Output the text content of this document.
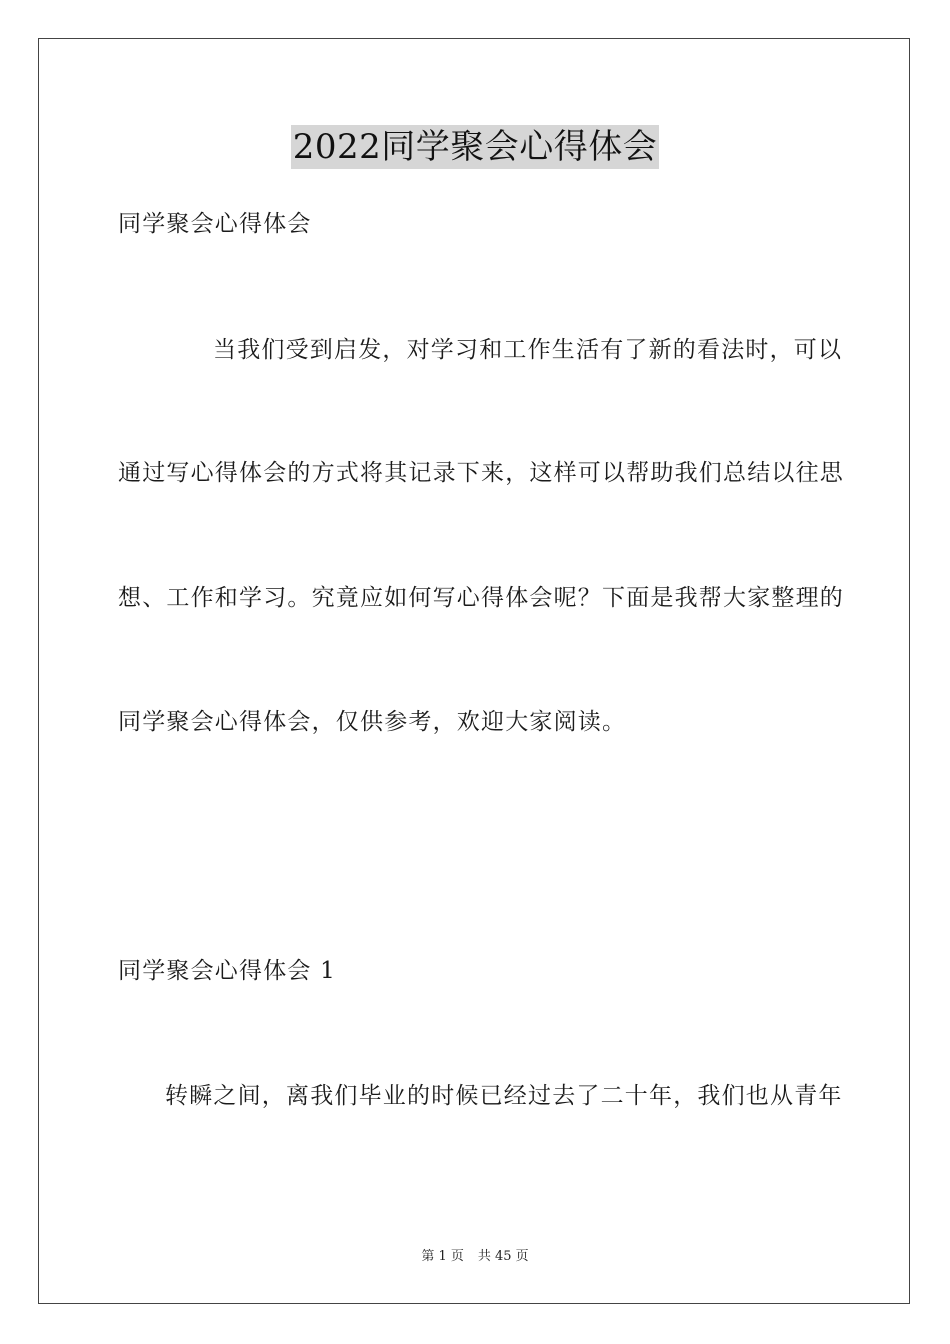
2022同学聚会心得体会
同学聚会心得体会
当我们受到启发，对学习和工作生活有了新的看法时，可以
通过写心得体会的方式将其记录下来，这样可以帮助我们总结以往思
想、工作和学习。究竟应如何写心得体会呢？下面是我帮大家整理的
同学聚会心得体会，仅供参考，欢迎大家阅读。
同学聚会心得体会 1
转瞬之间，离我们毕业的时候已经过去了二十年，我们也从青年
第 1 页 共 45 页
